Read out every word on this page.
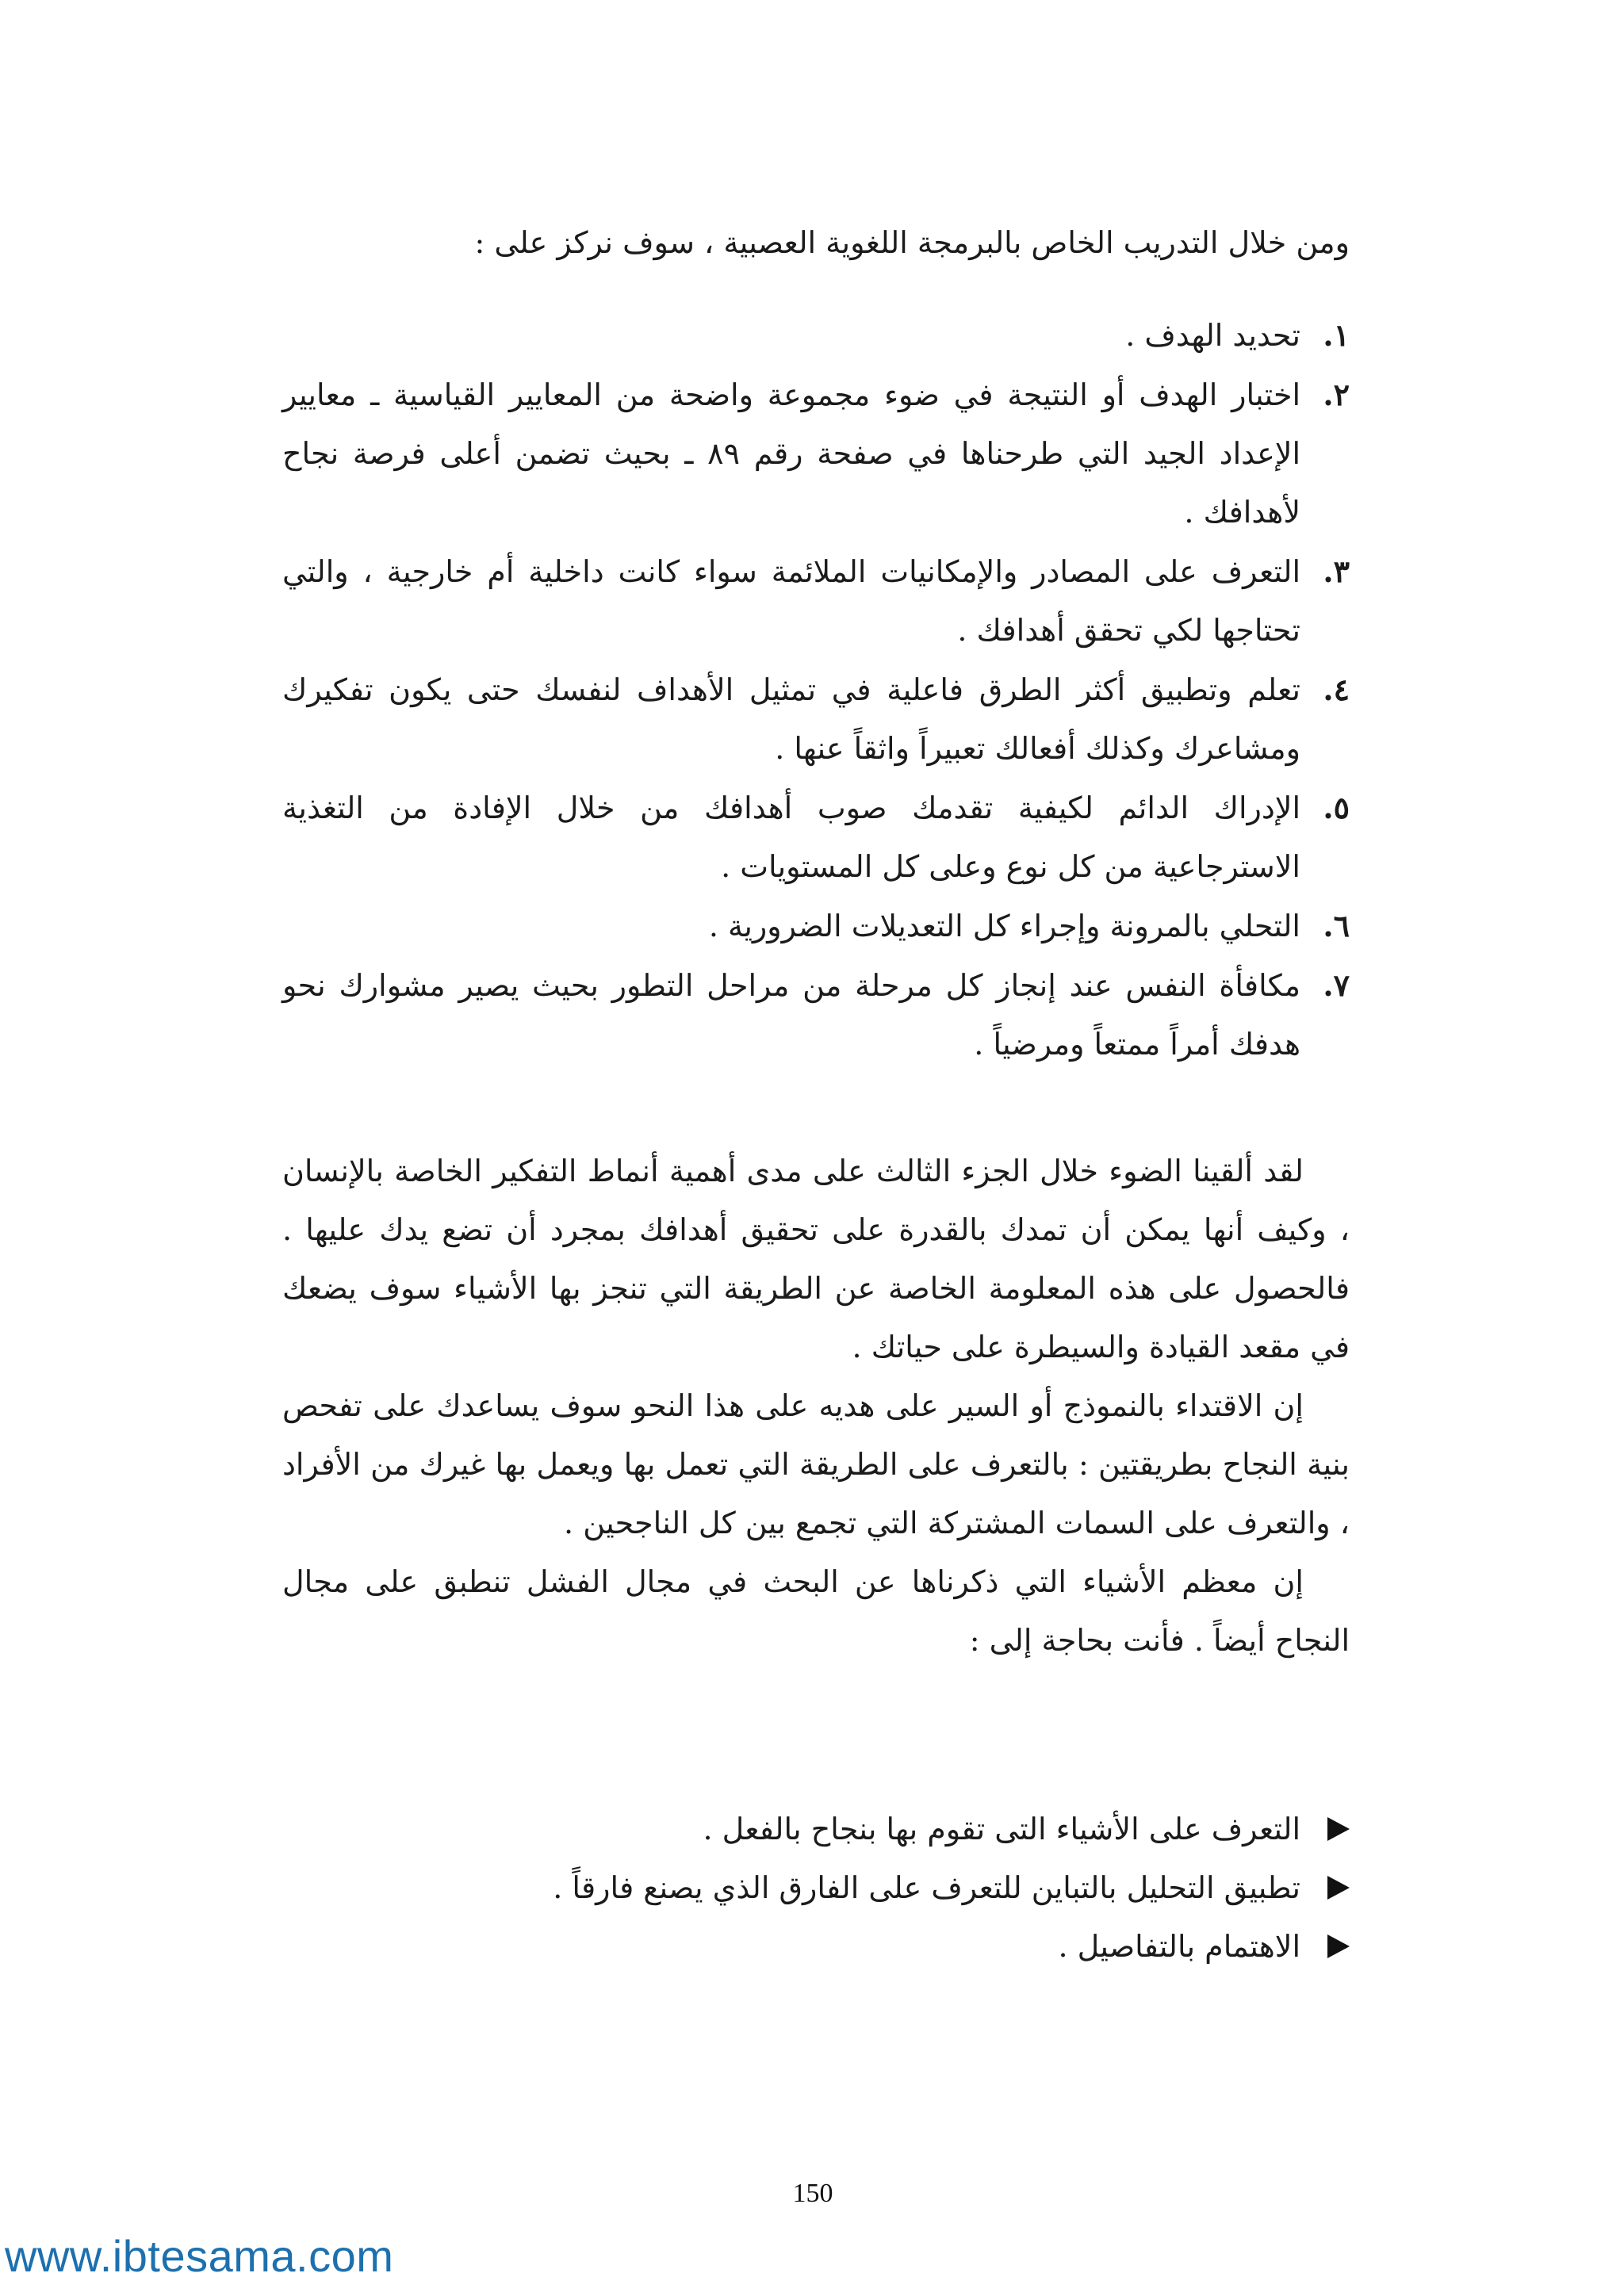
ومن خلال التدريب الخاص بالبرمجة اللغوية العصبية ، سوف نركز على :
١.
تحديد الهدف .
٢.
اختبار الهدف أو النتيجة في ضوء مجموعة واضحة من المعايير القياسية ـ معايير الإعداد الجيد التي طرحناها في صفحة رقم ٨٩ ـ بحيث تضمن أعلى فرصة نجاح لأهدافك .
٣.
التعرف على المصادر والإمكانيات الملائمة سواء كانت داخلية أم خارجية ، والتي تحتاجها لكي تحقق أهدافك .
٤.
تعلم وتطبيق أكثر الطرق فاعلية في تمثيل الأهداف لنفسك حتى يكون تفكيرك ومشاعرك وكذلك أفعالك تعبيراً واثقاً عنها .
٥.
الإدراك الدائم لكيفية تقدمك صوب أهدافك من خلال الإفادة من التغذية الاسترجاعية من كل نوع وعلى كل المستويات .
٦.
التحلي بالمرونة وإجراء كل التعديلات الضرورية .
٧.
مكافأة النفس عند إنجاز كل مرحلة من مراحل التطور بحيث يصير مشوارك نحو هدفك أمراً ممتعاً ومرضياً .

لقد ألقينا الضوء خلال الجزء الثالث على مدى أهمية أنماط التفكير الخاصة بالإنسان ، وكيف أنها يمكن أن تمدك بالقدرة على تحقيق أهدافك بمجرد أن تضع يدك عليها . فالحصول على هذه المعلومة الخاصة عن الطريقة التي تنجز بها الأشياء سوف يضعك في مقعد القيادة والسيطرة على حياتك .

إن الاقتداء بالنموذج أو السير على هديه على هذا النحو سوف يساعدك على تفحص بنية النجاح بطريقتين : بالتعرف على الطريقة التي تعمل بها ويعمل بها غيرك من الأفراد ، والتعرف على السمات المشتركة التي تجمع بين كل الناجحين .

إن معظم الأشياء التي ذكرناها عن البحث في مجال الفشل تنطبق على مجال النجاح أيضاً . فأنت بحاجة إلى :

التعرف على الأشياء التى تقوم بها بنجاح بالفعل .
تطبيق التحليل بالتباين للتعرف على الفارق الذي يصنع فارقاً .
الاهتمام بالتفاصيل .
150
www.ibtesama.com
